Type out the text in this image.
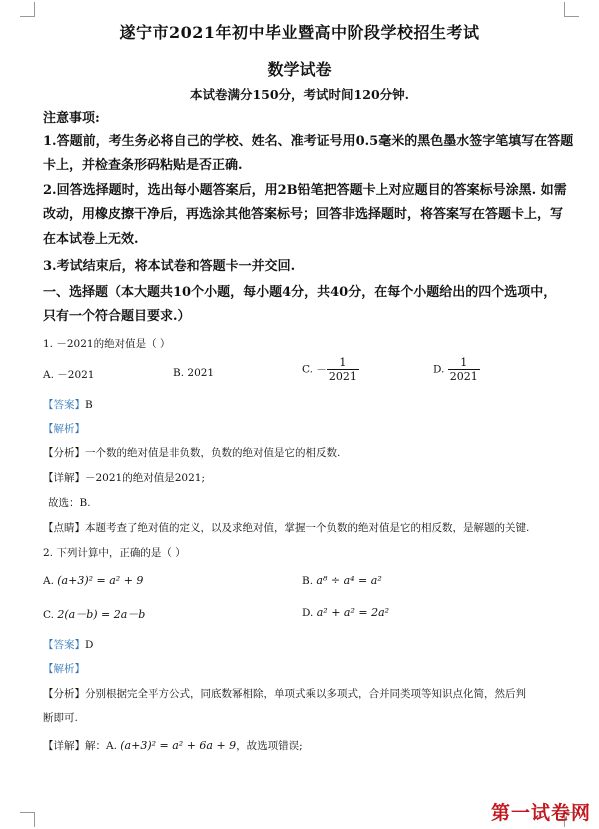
遂宁市2021年初中毕业暨高中阶段学校招生考试
数学试卷
本试卷满分150分，考试时间120分钟.
注意事项:
1.答题前，考生务必将自己的学校、姓名、准考证号用0.5毫米的黑色墨水签字笔填写在答题
卡上，并检查条形码粘贴是否正确.
2.回答选择题时，选出每小题答案后，用2B铅笔把答题卡上对应题目的答案标号涂黑. 如需
改动，用橡皮擦干净后，再选涂其他答案标号；回答非选择题时，将答案写在答题卡上，写
在本试卷上无效.
3.考试结束后，将本试卷和答题卡一并交回.
一、选择题（本大题共10个小题，每小题4分，共40分，在每个小题给出的四个选项中，
只有一个符合题目要求.）
1. －2021的绝对值是（ ）
A. －2021	B. 2021	C. － $\frac{1}{2021}$	D. $\frac{1}{2021}$
【答案】B
【解析】
【分析】一个数的绝对值是非负数，负数的绝对值是它的相反数.
【详解】－2021的绝对值是2021;
故选：B.
【点睛】本题考查了绝对值的定义，以及求绝对值，掌握一个负数的绝对值是它的相反数，是解题的关键.
2. 下列计算中，正确的是（ ）
A. (a+3)² = a² + 9	B. a⁸ ÷ a⁴ = a²
C. 2(a－b) = 2a－b	D. a² + a² = 2a²
【答案】D
【解析】
【分析】分别根据完全平方公式，同底数幂相除，单项式乘以多项式，合并同类项等知识点化简，然后判
断即可.
【详解】解：A. (a+3)² = a² + 6a + 9，故选项错误;
第一试卷网
